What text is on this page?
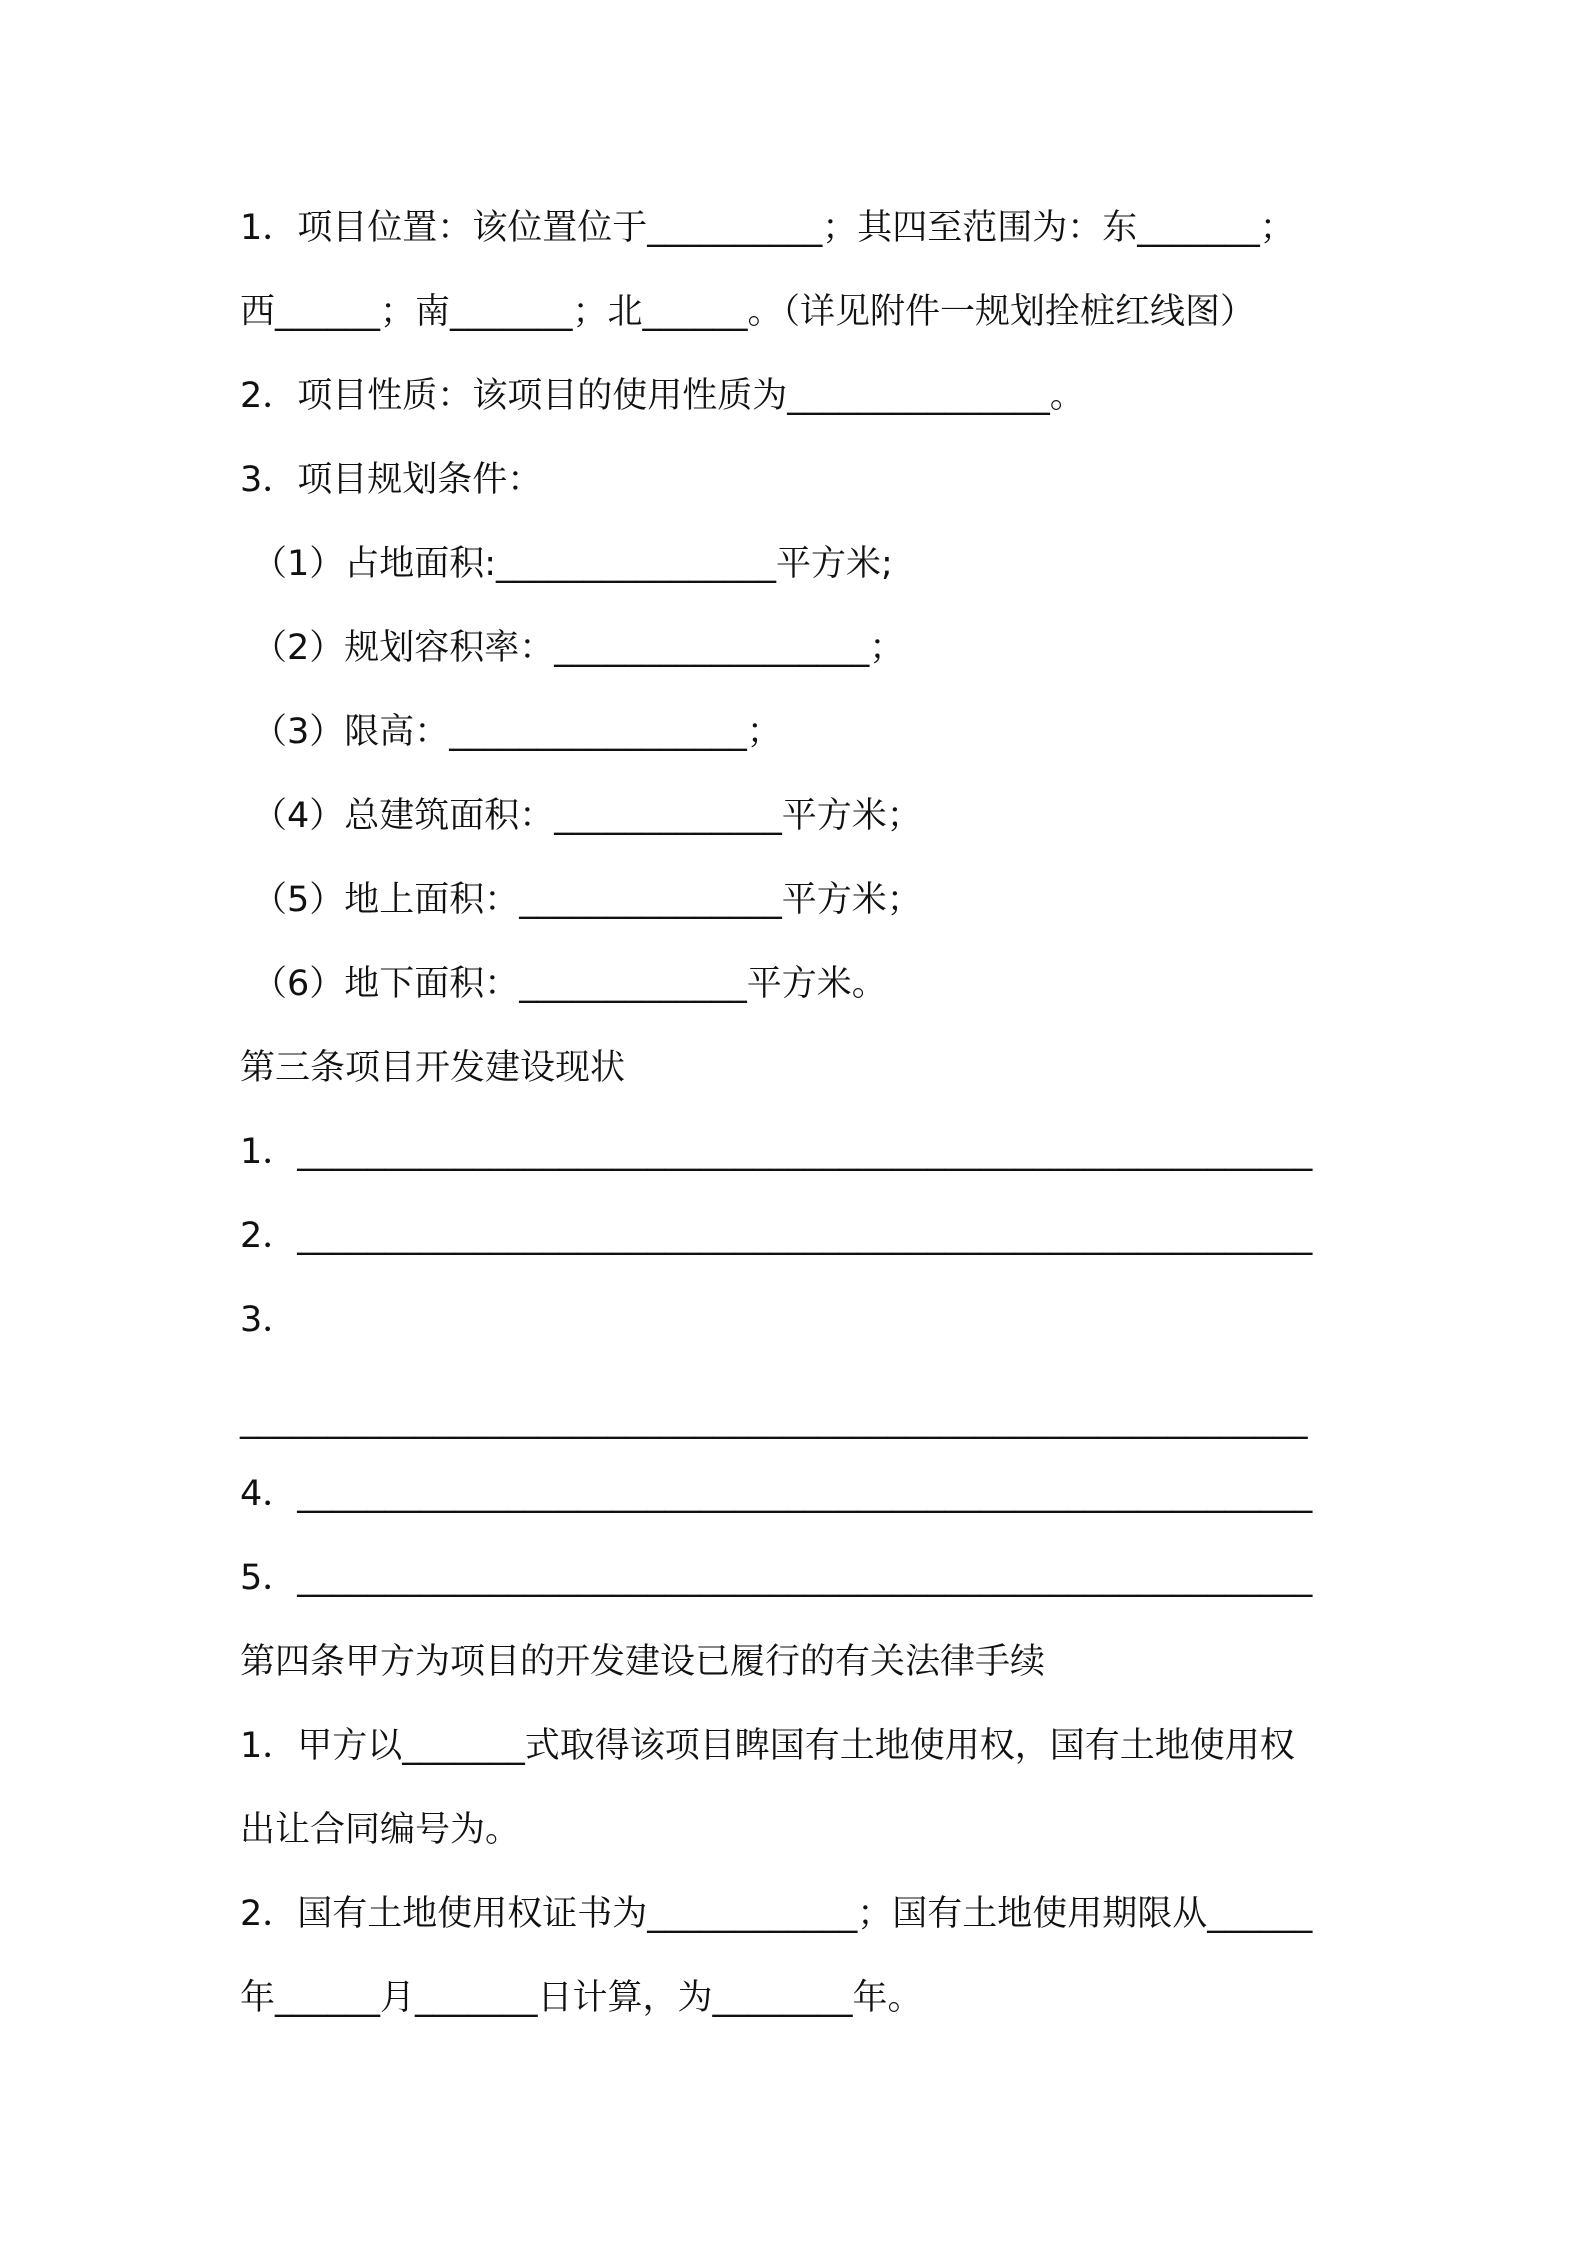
1．项目位置：该位置位于__________；其四至范围为：东_______；
西______；南_______；北______。（详见附件一规划拴桩红线图）
2．项目性质：该项目的使用性质为_______________。
3．项目规划条件：
（1）占地面积:________________平方米;
（2）规划容积率：__________________；
（3）限高：_________________；
（4）总建筑面积：_____________平方米；
（5）地上面积：_______________平方米；
（6）地下面积：_____________平方米。
第三条项目开发建设现状
1．__________________________________________________________
2．__________________________________________________________
3．
_____________________________________________________________
4．__________________________________________________________
5．__________________________________________________________
第四条甲方为项目的开发建设已履行的有关法律手续
1．甲方以_______式取得该项目睥国有土地使用权，国有土地使用权
出让合同编号为。
2．国有土地使用权证书为____________；国有土地使用期限从______
年______月_______日计算，为________年。
